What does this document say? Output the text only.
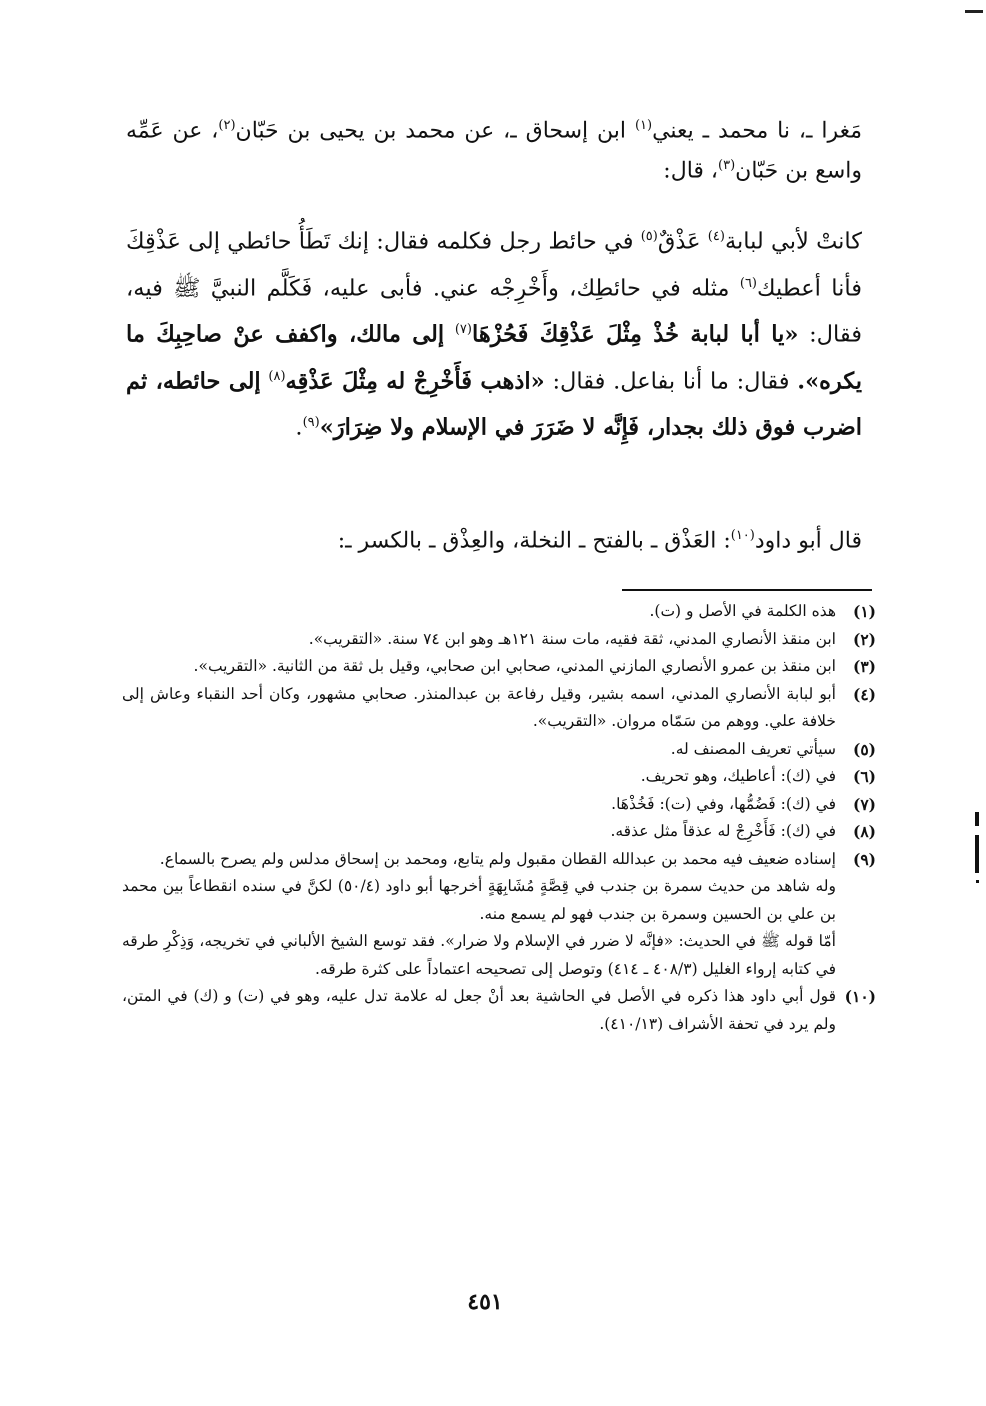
مَغرا ـ، نا محمد ـ يعني$^{(١)}$ ابن إسحاق ـ، عن محمد بن يحيى بن حَبّان$^{(٢)}$، عن عَمِّه واسع بن حَبّان$^{(٣)}$، قال:
كانتْ لأبي لبابة$^{(٤)}$ عَذْقٌ$^{(٥)}$ في حائط رجل فكلمه فقال: إنك تَطَأُ حائطي إلى عَذْقِكَ فأنا أعطيك$^{(٦)}$ مثله في حائطِك، وأَخْرِجْه عني. فأبى عليه، فَكَلَّم النبيَّ ﷺ فيه، فقال: «يا أبا لبابة خُذْ مِثْلَ عَذْقِكَ فَحُزْهَا$^{(٧)}$ إلى مالك، واكفف عنْ صاحِبِكَ ما يكره». فقال: ما أنا بفاعل. فقال: «اذهب فَأَخْرِجْ له مِثْلَ عَذْقِه$^{(٨)}$ إلى حائطه، ثم اضرب فوق ذلك بجدار، فَإِنَّه لا ضَرَرَ في الإسلام ولا ضِرَارَ»$^{(٩)}$.
قال أبو داود$^{(١٠)}$: العَذْق ـ بالفتح ـ النخلة، والعِذْق ـ بالكسر ـ:
(١)
هذه الكلمة في الأصل و (ت).
(٢)
ابن منقذ الأنصاري المدني، ثقة فقيه، مات سنة ١٢١هـ وهو ابن ٧٤ سنة. «التقريب».
(٣)
ابن منقذ بن عمرو الأنصاري المازني المدني، صحابي ابن صحابي، وقيل بل ثقة من الثانية. «التقريب».
(٤)
أبو لبابة الأنصاري المدني، اسمه بشير، وقيل رفاعة بن عبدالمنذر. صحابي مشهور، وكان أحد النقباء وعاش إلى خلافة علي. ووهم من سَمّاه مروان. «التقريب».
(٥)
سيأتي تعريف المصنف له.
(٦)
في (ك): أعاطيك، وهو تحريف.
(٧)
في (ك): فَضُمُّها، وفي (ت): فَخُذْهَا.
(٨)
في (ك): فَأَخْرِجْ له عذقاً مثل عذقه.
(٩)
إسناده ضعيف فيه محمد بن عبدالله القطان مقبول ولم يتابع، ومحمد بن إسحاق مدلس ولم يصرح بالسماع.
وله شاهد من حديث سمرة بن جندب في قِصَّةٍ مُشَابِهَةٍ أخرجها أبو داود (٥٠/٤) لكنَّ في سنده انقطاعاً بين محمد بن علي بن الحسين وسمرة بن جندب فهو لم يسمع منه.
أمّا قوله ﷺ في الحديث: «فإنَّه لا ضرر في الإسلام ولا ضرار». فقد توسع الشيخ الألباني في تخريجه، وَذِكْرِ طرقه في كتابه إرواء الغليل (٤٠٨/٣ ـ ٤١٤) وتوصل إلى تصحيحه اعتماداً على كثرة طرقه.
(١٠)
قول أبي داود هذا ذكره في الأصل في الحاشية بعد أنْ جعل له علامة تدل عليه، وهو في (ت) و (ك) في المتن، ولم يرد في تحفة الأشراف (٤١٠/١٣).
٤٥١
